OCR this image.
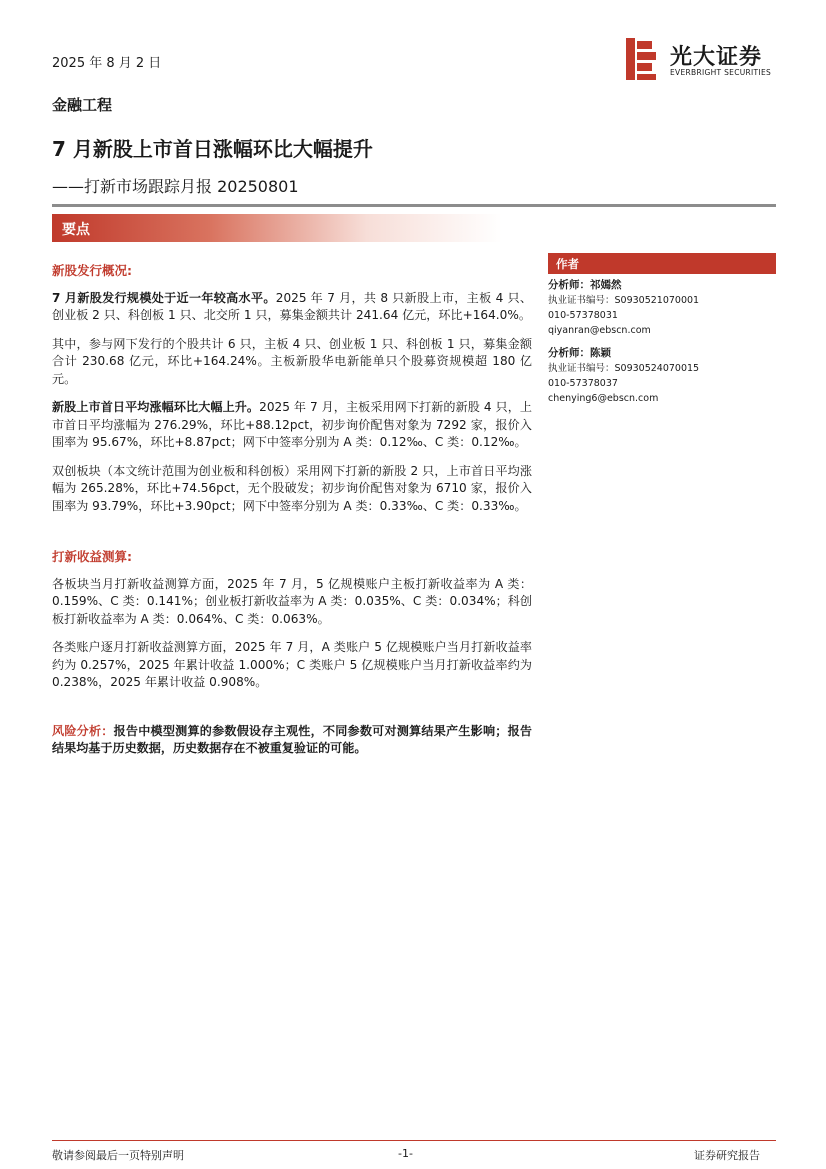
2025 年 8 月 2 日	光大证券
EVERBRIGHT SECURITIES
金融工程
7 月新股上市首日涨幅环比大幅提升
——打新市场跟踪月报 20250801
要点
新股发行概况:

7 月新股发行规模处于近一年较高水平。2025 年 7 月，共 8 只新股上市，主板 4 只、创业板 2 只、科创板 1 只、北交所 1 只，募集金额共计 241.64 亿元，环比+164.0%。

其中，参与网下发行的个股共计 6 只，主板 4 只、创业板 1 只、科创板 1 只，募集金额合计 230.68 亿元，环比+164.24%。主板新股华电新能单只个股募资规模超 180 亿元。

新股上市首日平均涨幅环比大幅上升。2025 年 7 月，主板采用网下打新的新股 4 只，上市首日平均涨幅为 276.29%，环比+88.12pct，初步询价配售对象为 7292 家，报价入围率为 95.67%，环比+8.87pct；网下中签率分别为 A 类：0.12‰、C 类：0.12‰。

双创板块（本文统计范围为创业板和科创板）采用网下打新的新股 2 只，上市首日平均涨幅为 265.28%，环比+74.56pct，无个股破发；初步询价配售对象为 6710 家，报价入围率为 93.79%，环比+3.90pct；网下中签率分别为 A 类：0.33‰、C 类：0.33‰。

打新收益测算:

各板块当月打新收益测算方面，2025 年 7 月，5 亿规模账户主板打新收益率为 A 类：0.159%、C 类：0.141%；创业板打新收益率为 A 类：0.035%、C 类：0.034%；科创板打新收益率为 A 类：0.064%、C 类：0.063%。

各类账户逐月打新收益测算方面，2025 年 7 月，A 类账户 5 亿规模账户当月打新收益率约为 0.257%，2025 年累计收益 1.000%；C 类账户 5 亿规模账户当月打新收益率约为 0.238%，2025 年累计收益 0.908%。

风险分析：报告中模型测算的参数假设存主观性，不同参数可对测算结果产生影响；报告结果均基于历史数据，历史数据存在不被重复验证的可能。

作者
分析师：祁嫣然
执业证书编号：S0930521070001
010-57378031
qiyanran@ebscn.com
分析师：陈颖
执业证书编号：S0930524070015
010-57378037
chenying6@ebscn.com
敬请参阅最后一页特别声明	-1-	证券研究报告
